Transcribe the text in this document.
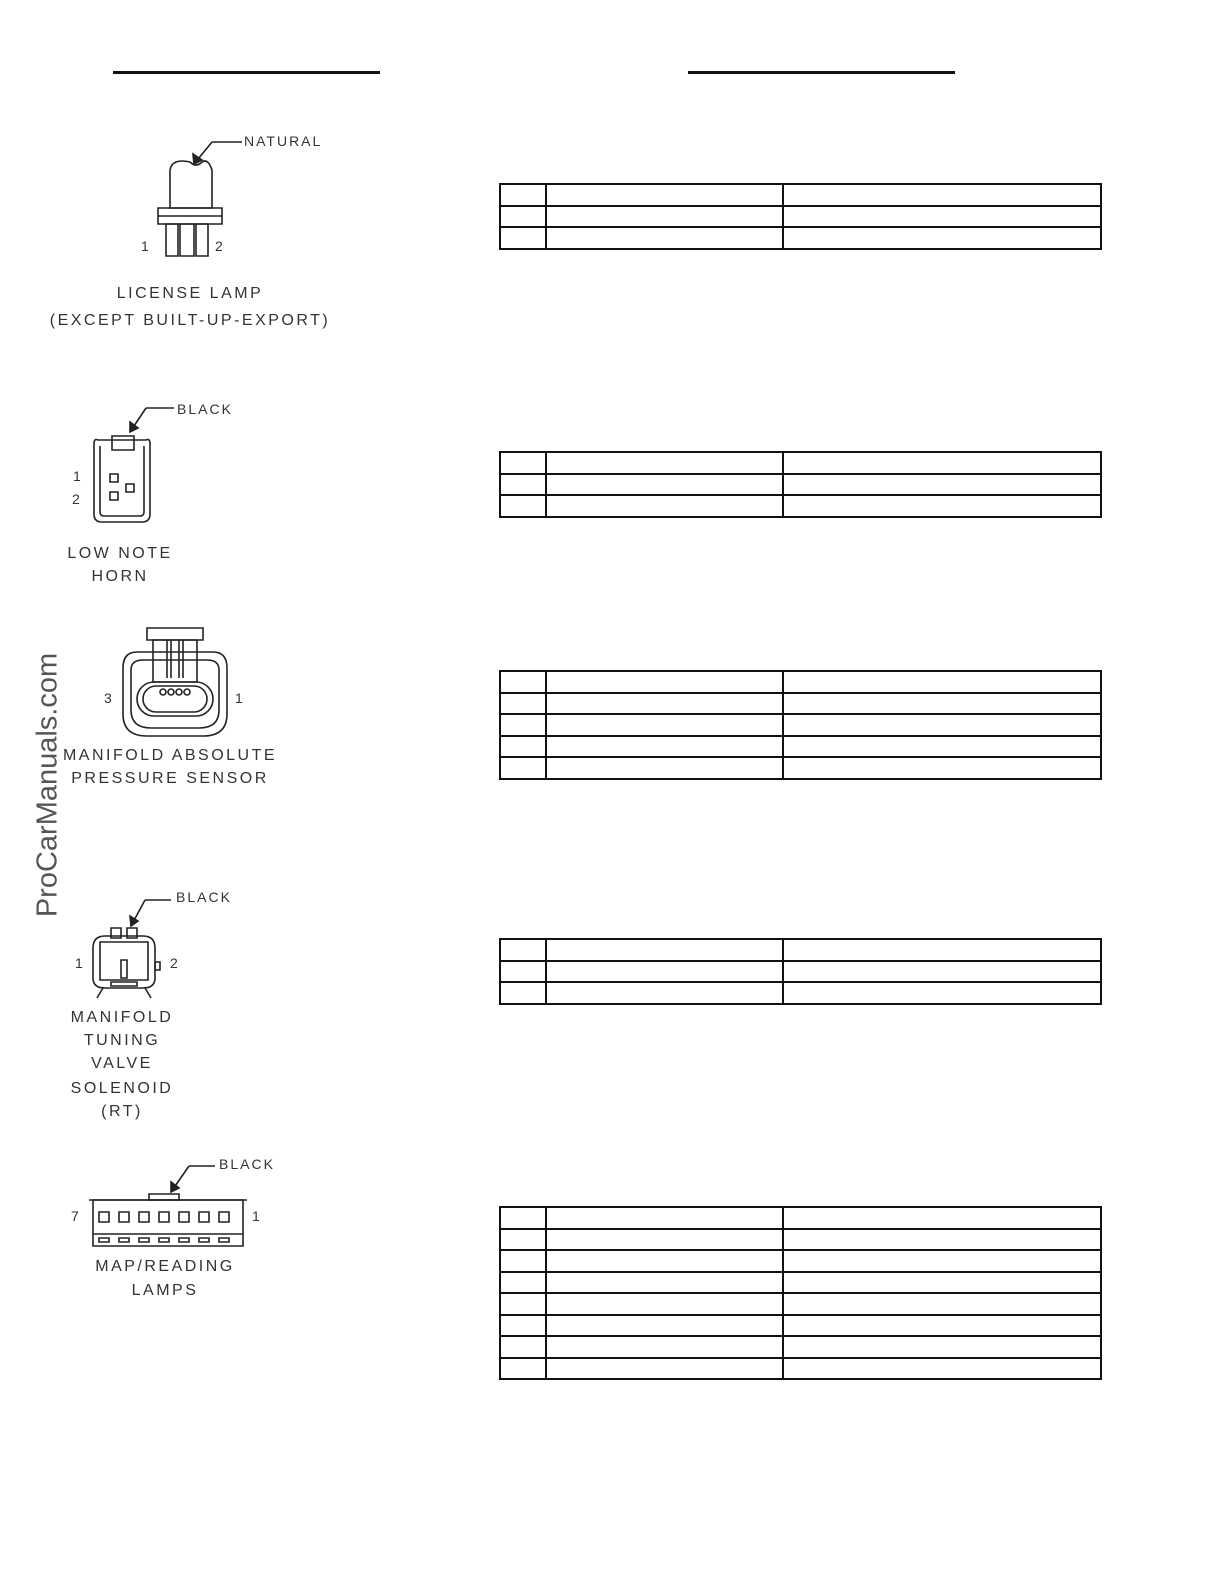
ProCarManuals.com
NATURAL
1	2
LICENSE LAMP
(EXCEPT BUILT-UP-EXPORT)

BLACK
1
2
LOW NOTE
HORN

3	1
MANIFOLD ABSOLUTE
PRESSURE SENSOR

BLACK
1	2
MANIFOLD
TUNING
VALVE
SOLENOID
(RT)

BLACK
7	1
MAP/READING
LAMPS
